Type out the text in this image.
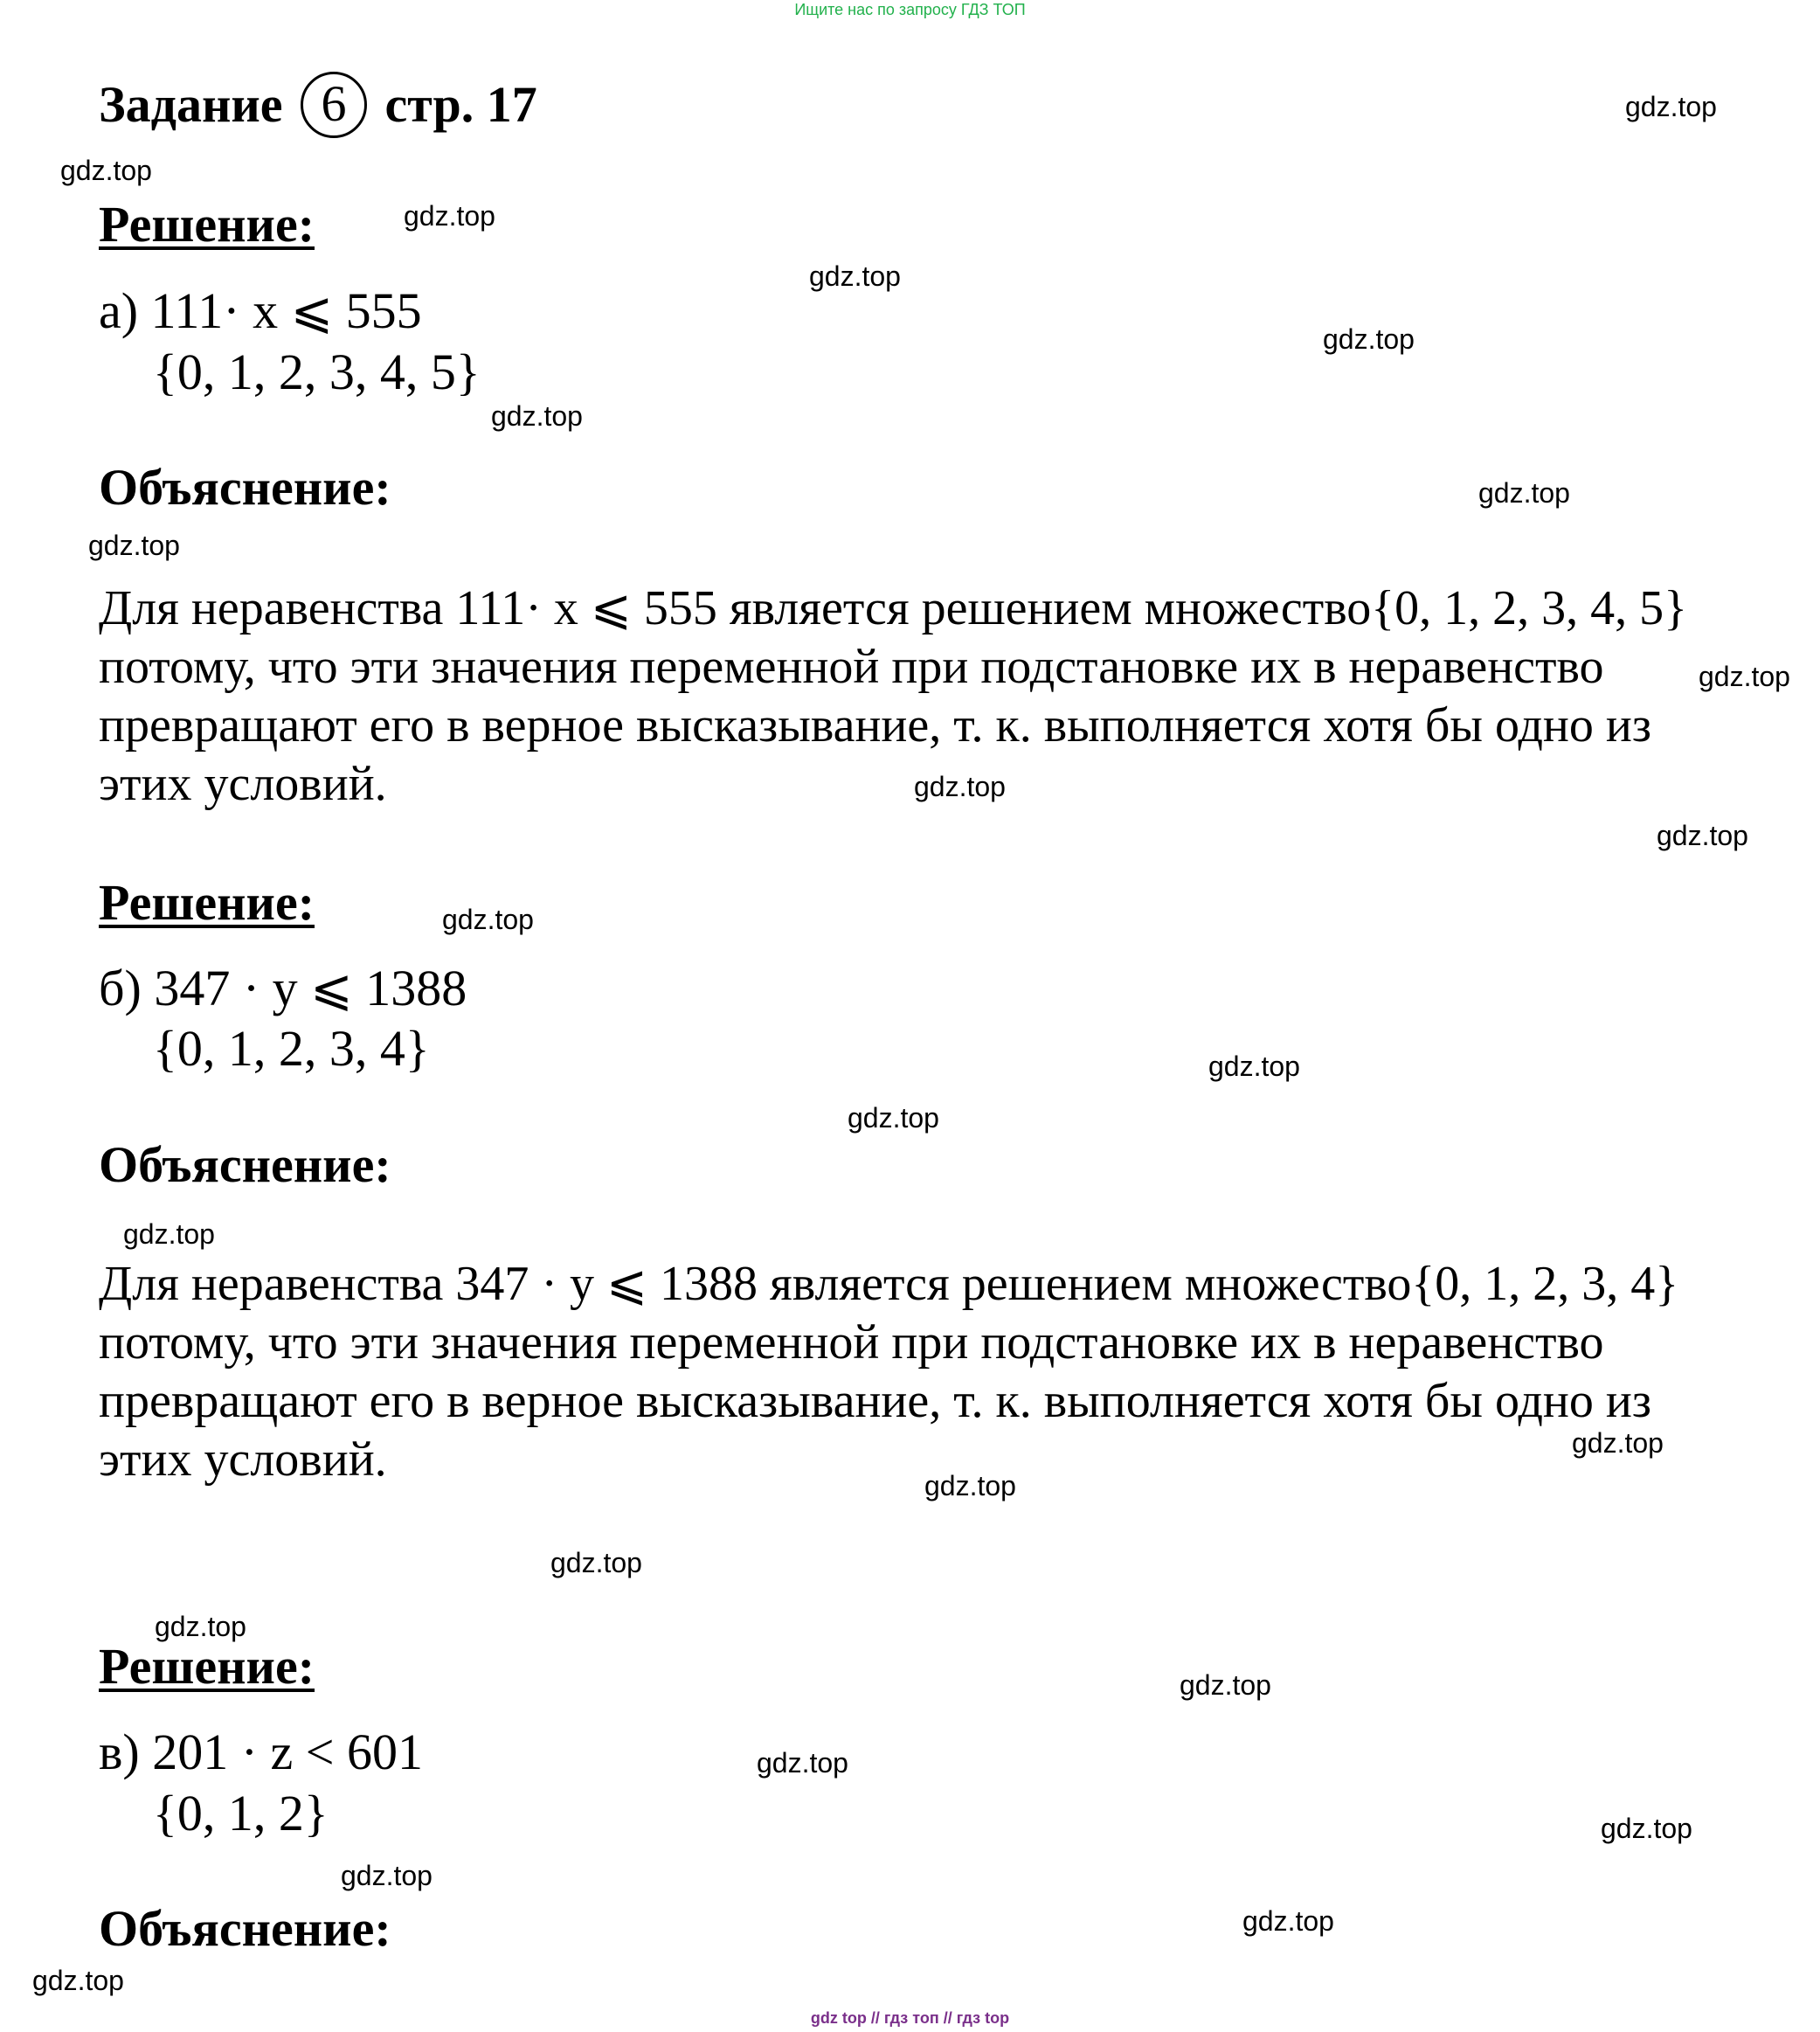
Ищите нас по запросу ГДЗ ТОП
Задание 6 стр. 17
Решение:
а) 111· x ⩽ 555
{0, 1, 2, 3, 4, 5}
Объяснение:
Для неравенства 111· x ⩽ 555 является решением множество{0, 1, 2, 3, 4, 5}
потому, что эти значения переменной при подстановке их в неравенство
превращают его в верное высказывание, т. к. выполняется хотя бы одно из
этих условий.
Решение:
б) 347 · y ⩽ 1388
{0, 1, 2, 3, 4}
Объяснение:
Для неравенства 347 · y ⩽ 1388 является решением множество{0, 1, 2, 3, 4}
потому, что эти значения переменной при подстановке их в неравенство
превращают его в верное высказывание, т. к. выполняется хотя бы одно из
этих условий.
Решение:
в) 201 · z < 601
{0, 1, 2}
Объяснение:
gdz.top
gdz.top
gdz.top
gdz.top
gdz.top
gdz.top
gdz.top
gdz.top
gdz.top
gdz.top
gdz.top
gdz.top
gdz.top
gdz.top
gdz.top
gdz.top
gdz.top
gdz.top
gdz.top
gdz.top
gdz.top
gdz.top
gdz.top
gdz.top
gdz.top
gdz top // гдз топ // гдз top
